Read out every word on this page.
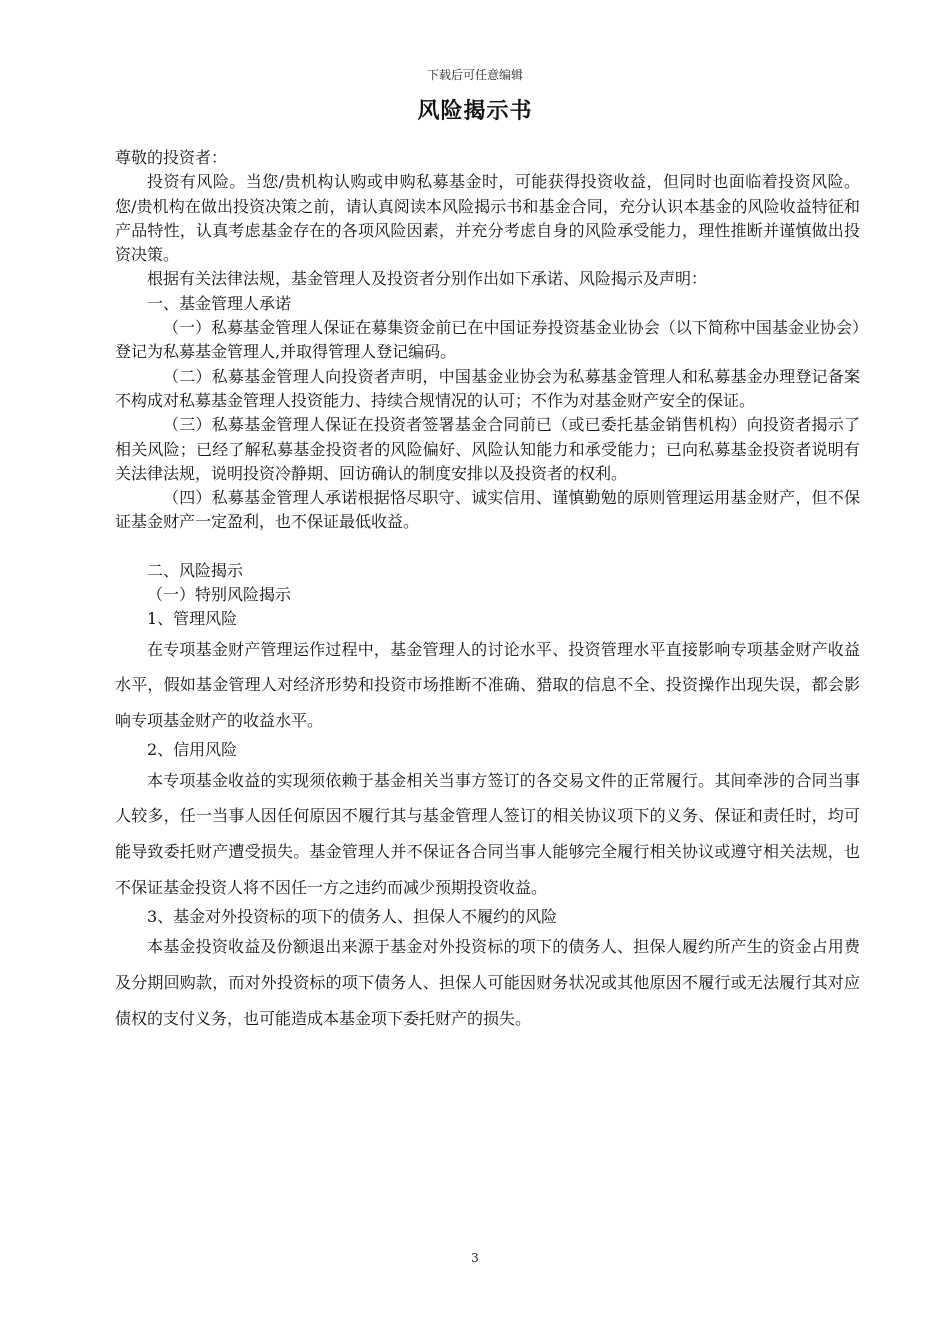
下载后可任意编辑
风险揭示书

尊敬的投资者：

投资有风险。当您/贵机构认购或申购私募基金时，可能获得投资收益，但同时也面临着投资风险。您/贵机构在做出投资决策之前，请认真阅读本风险揭示书和基金合同，充分认识本基金的风险收益特征和产品特性，认真考虑基金存在的各项风险因素，并充分考虑自身的风险承受能力，理性推断并谨慎做出投资决策。

根据有关法律法规，基金管理人及投资者分别作出如下承诺、风险揭示及声明：

一、基金管理人承诺

（一）私募基金管理人保证在募集资金前已在中国证券投资基金业协会（以下简称中国基金业协会）登记为私募基金管理人,并取得管理人登记编码。

（二）私募基金管理人向投资者声明，中国基金业协会为私募基金管理人和私募基金办理登记备案不构成对私募基金管理人投资能力、持续合规情况的认可；不作为对基金财产安全的保证。

（三）私募基金管理人保证在投资者签署基金合同前已（或已委托基金销售机构）向投资者揭示了相关风险；已经了解私募基金投资者的风险偏好、风险认知能力和承受能力；已向私募基金投资者说明有关法律法规，说明投资冷静期、回访确认的制度安排以及投资者的权利。

（四）私募基金管理人承诺根据恪尽职守、诚实信用、谨慎勤勉的原则管理运用基金财产，但不保证基金财产一定盈利，也不保证最低收益。

二、风险揭示

（一）特别风险揭示

1、管理风险

在专项基金财产管理运作过程中，基金管理人的讨论水平、投资管理水平直接影响专项基金财产收益水平，假如基金管理人对经济形势和投资市场推断不准确、猎取的信息不全、投资操作出现失误，都会影响专项基金财产的收益水平。

2、信用风险

本专项基金收益的实现须依赖于基金相关当事方签订的各交易文件的正常履行。其间牵涉的合同当事人较多，任一当事人因任何原因不履行其与基金管理人签订的相关协议项下的义务、保证和责任时，均可能导致委托财产遭受损失。基金管理人并不保证各合同当事人能够完全履行相关协议或遵守相关法规，也不保证基金投资人将不因任一方之违约而减少预期投资收益。

3、基金对外投资标的项下的债务人、担保人不履约的风险

本基金投资收益及份额退出来源于基金对外投资标的项下的债务人、担保人履约所产生的资金占用费及分期回购款，而对外投资标的项下债务人、担保人可能因财务状况或其他原因不履行或无法履行其对应债权的支付义务，也可能造成本基金项下委托财产的损失。

3
